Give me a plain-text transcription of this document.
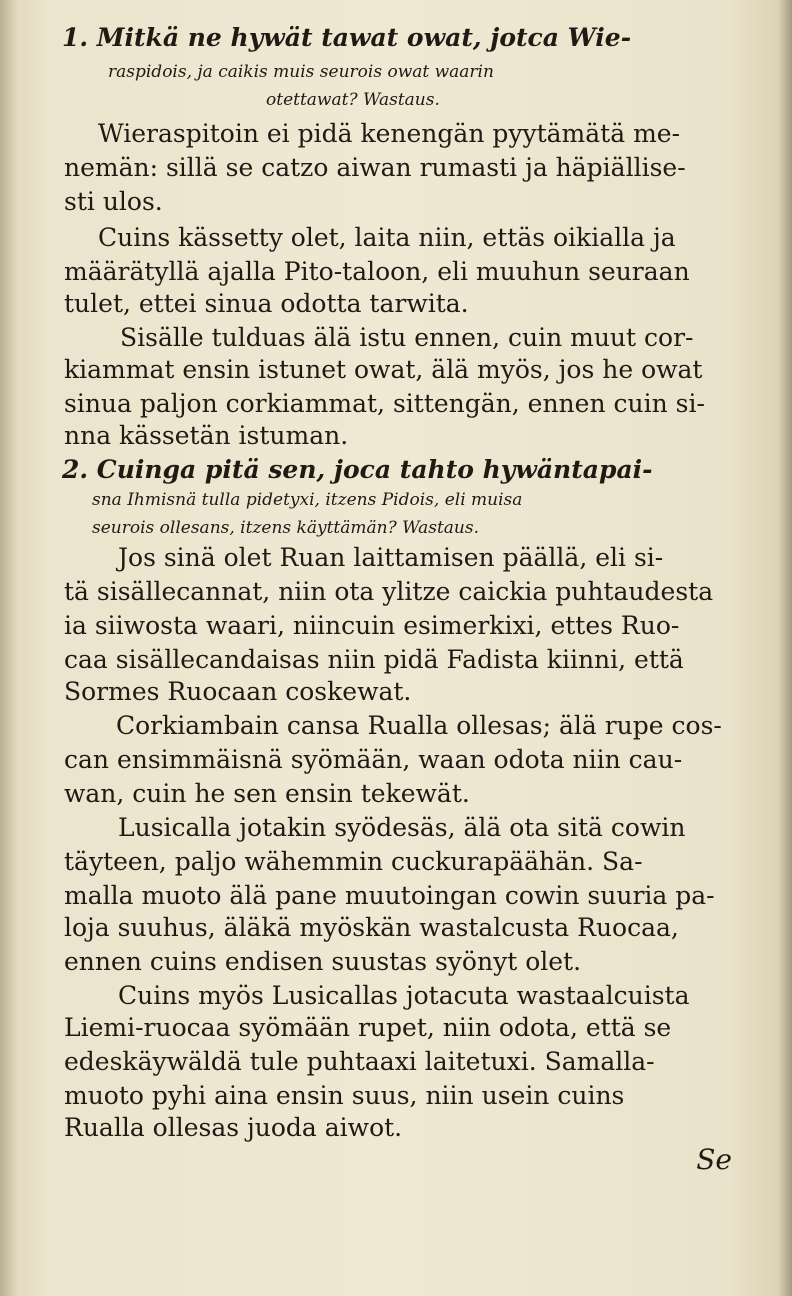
1. Mitkä ne hywät tawat owat, jotca Wie-
raspidois, ja caikis muis seurois owat waarin
otettawat? Wastaus.
Wieraspitoin ei pidä kenengän pyytämätä me-
nemän: sillä se catzo aiwan rumasti ja häpiällise-
sti ulos.
Cuins kässetty olet, laita niin, ettäs oikialla ja
määrätyllä ajalla Pito-taloon, eli muuhun seuraan
tulet, ettei sinua odotta tarwita.
Sisälle tulduas älä istu ennen, cuin muut cor-
kiammat ensin istunet owat, älä myös, jos he owat
sinua paljon corkiammat, sittengän, ennen cuin si-
nna kässetän istuman.
2. Cuinga pitä sen, joca tahto hywäntapai-
sna Ihmisnä tulla pidetyxi, itzens Pidois, eli muisa
seurois ollesans, itzens käyttämän? Wastaus.
Jos sinä olet Ruan laittamisen päällä, eli si-
tä sisällecannat, niin ota ylitze caickia puhtaudesta
ia siiwosta waari, niincuin esimerkixi, ettes Ruo-
caa sisällecandaisas niin pidä Fadista kiinni, että
Sormes Ruocaan coskewat.
Corkiambain cansa Rualla ollesas; älä rupe cos-
can ensimmäisnä syömään, waan odota niin cau-
wan, cuin he sen ensin tekewät.
Lusicalla jotakin syödesäs, älä ota sitä cowin
täyteen, paljo wähemmin cuckurapäähän. Sa-
malla muoto älä pane muutoingan cowin suuria pa-
loja suuhus, äläkä myöskän wastalcusta Ruocaa,
ennen cuins endisen suustas syönyt olet.
Cuins myös Lusicallas jotacuta wastaalcuista
Liemi-ruocaa syömään rupet, niin odota, että se
edeskäywäldä tule puhtaaxi laitetuxi. Samalla-
muoto pyhi aina ensin suus, niin usein cuins
Rualla ollesas juoda aiwot.
Se
